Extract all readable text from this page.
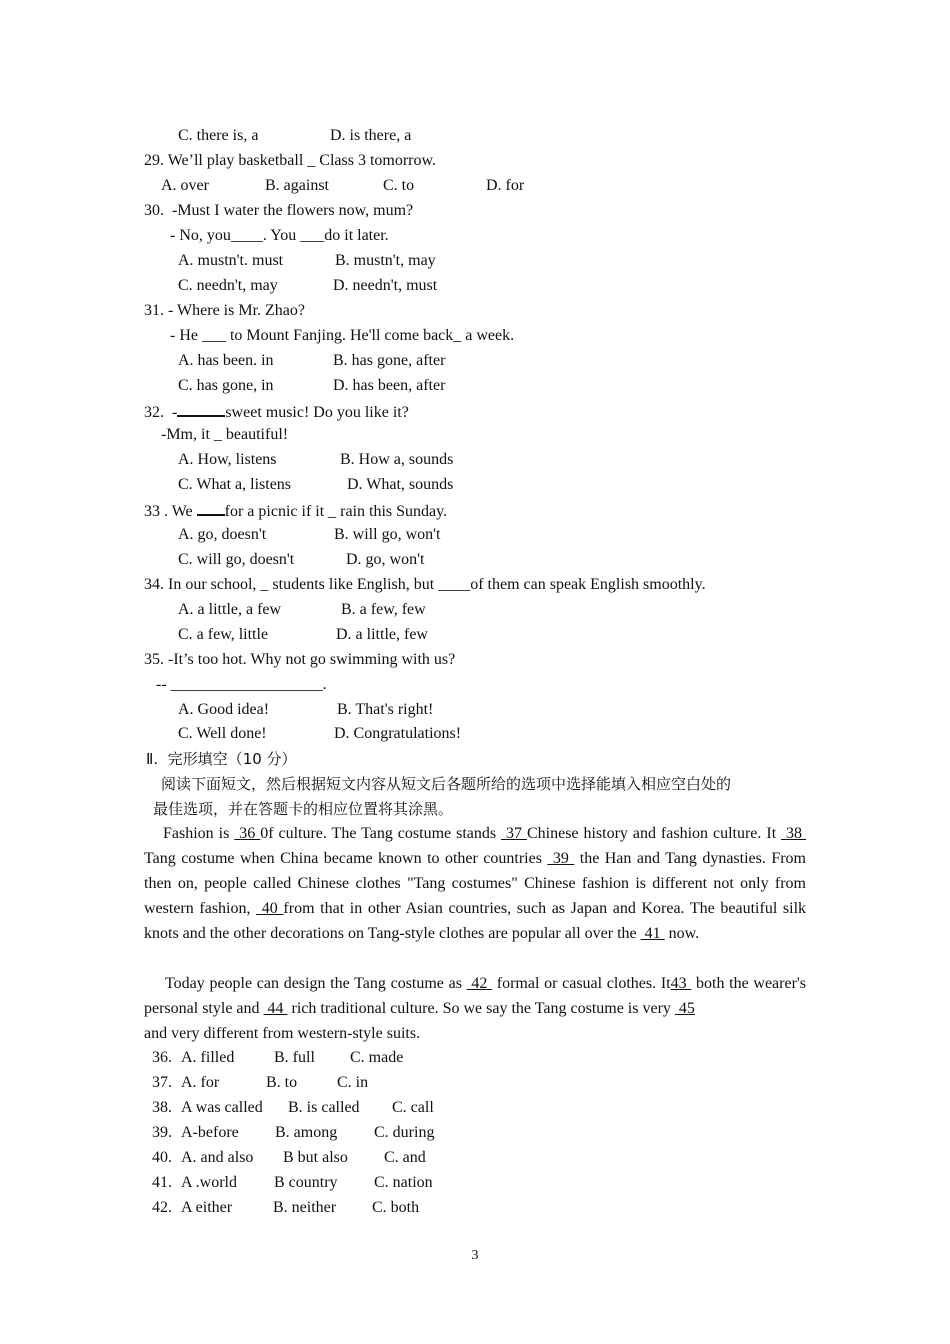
C. there is, a	D. is there, a
29. We’ll play basketball _ Class 3 tomorrow.
A. over	B. against	C. to	D. for
30.  -Must I water the flowers now, mum?
- No, you____. You ___do it later.
A. mustn't. must	B. mustn't, may
C. needn't, may	D. needn't, must
31. - Where is Mr. Zhao?
- He ___ to Mount Fanjing. He'll come back_ a week.
A. has been. in	B. has gone, after
C. has gone, in	D. has been, after
32.  -	sweet music! Do you like it?
-Mm, it _ beautiful!
A. How, listens	B. How a, sounds
C. What a, listens	D. What, sounds
33 . We for a picnic if it _ rain this Sunday.
A. go, doesn't	B. will go, won't
C. will go, doesn't	D. go, won't
34. In our school, _ students like English, but ____of them can speak English smoothly.
A. a little, a few	B. a few, few
C. a few, little	D. a little, few
35. -It’s too hot. Why not go swimming with us?
-- ___________________.
A. Good idea!	B. That's right!
C. Well done!	D. Congratulations!
Ⅱ.  完形填空（10 分）
阅读下面短文，然后根据短文内容从短文后各题所给的选项中选择能填入相应空白处的
最佳选项，并在答题卡的相应位置将其涂黑。
Fashion is  36 0f culture. The Tang costume stands  37 Chinese history and fashion culture. It  38  Tang costume when China became known to other countries  39  the Han and Tang dynasties. From then on, people called Chinese clothes "Tang costumes" Chinese fashion is different not only from western fashion,  40 from that in other Asian countries, such as Japan and Korea. The beautiful silk knots and the other decorations on Tang-style clothes are popular all over the  41  now.
Today people can design the Tang costume as  42  formal or casual clothes. It43  both the wearer's personal style and  44  rich traditional culture. So we say the Tang costume is very  45
and very different from western-style suits.
36. A. filled B. full C. made
37. A. for	B. to C. in
38. A was called B. is called C. call
39. A-before B. among C. during
40. A. and also B but also C. and
41. A .world B country C. nation
42. A either	B. neither C. both
3
